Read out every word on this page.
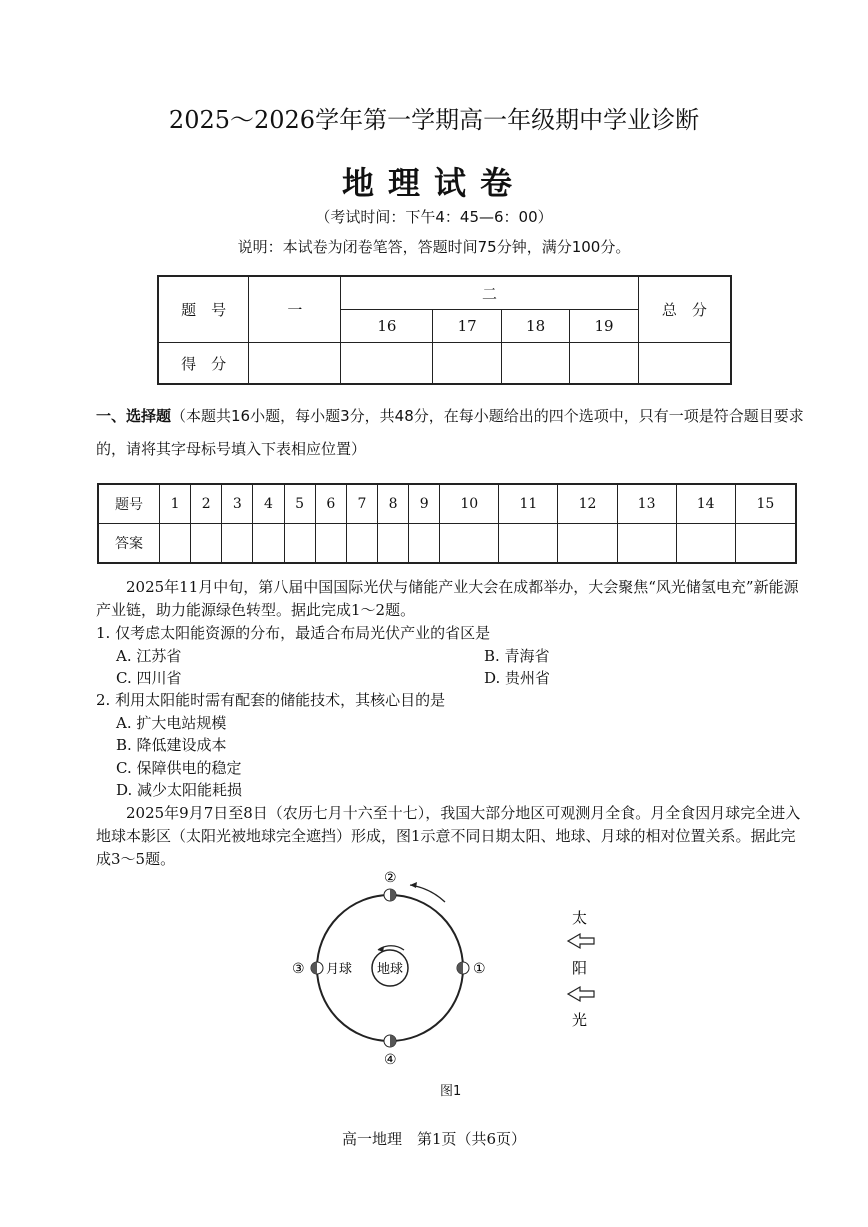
2025～2026学年第一学期高一年级期中学业诊断
地理试卷
（考试时间：下午4：45—6：00）
说明：本试卷为闭卷笔答，答题时间75分钟，满分100分。
题　号	一	二				总　分
		16	17	18	19	
得　分						
一、选择题（本题共16小题，每小题3分，共48分，在每小题给出的四个选项中，只有一项是符合题目要求的，请将其字母标号填入下表相应位置）
题号	1	2	3	4	5	6	7	8	9	10	11	12	13	14	15
答案															
2025年11月中旬，第八届中国国际光伏与储能产业大会在成都举办，大会聚焦“风光储氢电充”新能源产业链，助力能源绿色转型。据此完成1～2题。
1. 仅考虑太阳能资源的分布，最适合布局光伏产业的省区是
A. 江苏省	B. 青海省
C. 四川省	D. 贵州省
2. 利用太阳能时需有配套的储能技术，其核心目的是
A. 扩大电站规模
B. 降低建设成本
C. 保障供电的稳定
D. 减少太阳能耗损
2025年9月7日至8日（农历七月十六至十七），我国大部分地区可观测月全食。月全食因月球完全进入地球本影区（太阳光被地球完全遮挡）形成，图1示意不同日期太阳、地球、月球的相对位置关系。据此完成3～5题。
地球	①
②
③
④
月球
太
阳
光
图1
高一地理　第1页（共6页）
